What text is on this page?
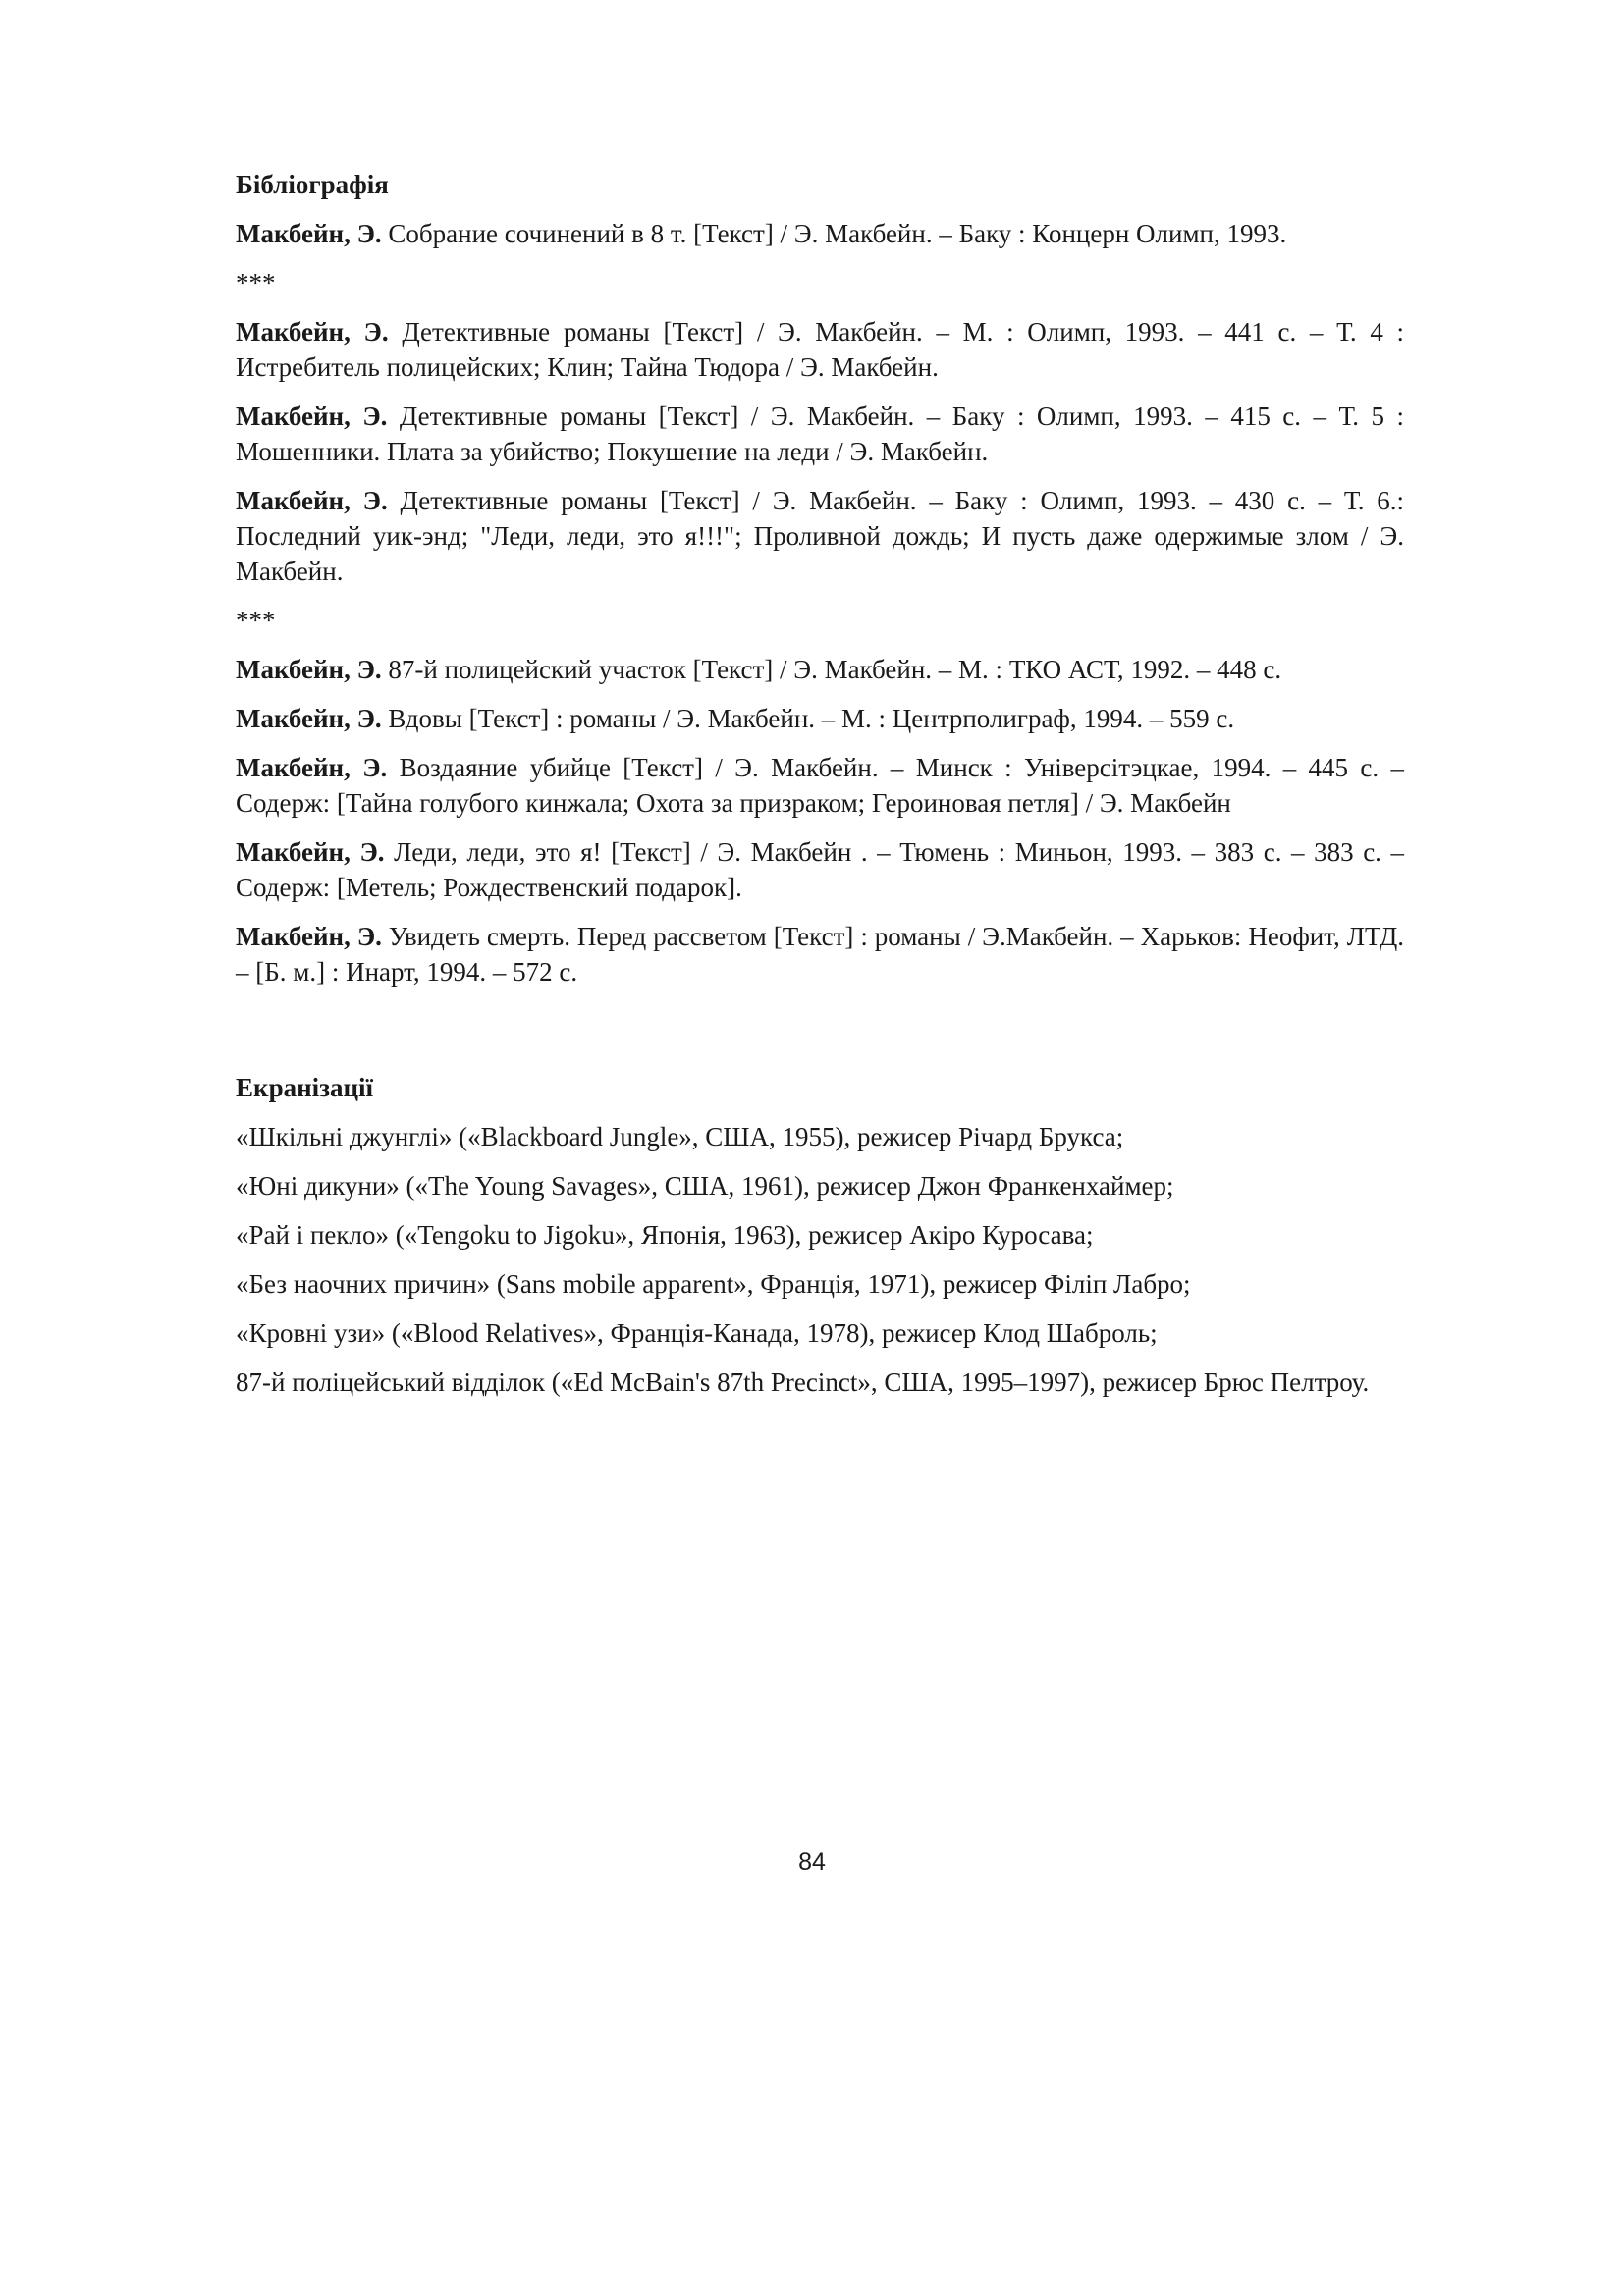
Бібліографія
Макбейн, Э. Собрание сочинений в 8 т. [Текст] / Э. Макбейн. – Баку : Концерн Олимп, 1993.
***
Макбейн, Э. Детективные романы [Текст] / Э. Макбейн. – М. : Олимп, 1993. – 441 с. – Т. 4 : Истребитель полицейских; Клин; Тайна Тюдора / Э. Макбейн.
Макбейн, Э. Детективные романы [Текст] / Э. Макбейн. – Баку : Олимп, 1993. – 415 с. – Т. 5 : Мошенники. Плата за убийство; Покушение на леди / Э. Макбейн.
Макбейн, Э. Детективные романы [Текст] / Э. Макбейн. – Баку : Олимп, 1993. – 430 с. – Т. 6.: Последний уик-энд; "Леди, леди, это я!!!"; Проливной дождь; И пусть даже одержимые злом / Э. Макбейн.
***
Макбейн, Э. 87-й полицейский участок [Текст] / Э. Макбейн. – М. : ТКО АСТ, 1992. – 448 с.
Макбейн, Э. Вдовы [Текст] : романы / Э. Макбейн. – М. : Центрполиграф, 1994. – 559 с.
Макбейн, Э. Воздаяние убийце [Текст] / Э. Макбейн. – Минск : Універсітэцкае, 1994. – 445 с. – Содерж: [Тайна голубого кинжала; Охота за призраком; Героиновая петля] / Э. Макбейн
Макбейн, Э. Леди, леди, это я! [Текст] / Э. Макбейн . – Тюмень : Миньон, 1993. – 383 с. – 383 с. – Содерж: [Метель; Рождественский подарок].
Макбейн, Э. Увидеть смерть. Перед рассветом [Текст] : романы / Э.Макбейн. – Харьков: Неофит, ЛТД. – [Б. м.] : Инарт, 1994. – 572 с.
Екранізації
«Шкільні джунглі» («Blackboard Jungle», США, 1955), режисер Річард Брукса;
«Юні дикуни» («The Young Savages», США, 1961), режисер Джон Франкенхаймер;
«Рай і пекло» («Tengoku to Jigoku», Японія, 1963), режисер Акіро Куросава;
«Без наочних причин» (Sans mobile apparent», Франція, 1971), режисер Філіп Лабро;
«Кровні узи» («Blood Relatives», Франція-Канада, 1978), режисер Клод Шаброль;
87-й поліцейський відділок («Ed McBain's 87th Precinct», США, 1995–1997), режисер Брюс Пелтроу.
84
